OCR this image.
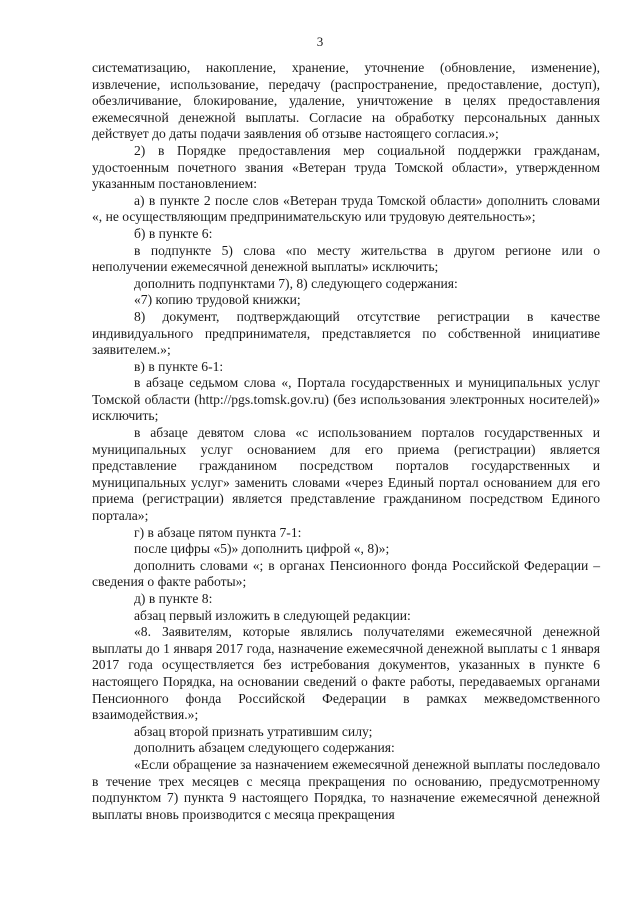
3

систематизацию, накопление, хранение, уточнение (обновление, изменение), извлечение, использование, передачу (распространение, предоставление, доступ), обезличивание, блокирование, удаление, уничтожение в целях предоставления ежемесячной денежной выплаты. Согласие на обработку персональных данных действует до даты подачи заявления об отзыве настоящего согласия.»;

2) в Порядке предоставления мер социальной поддержки гражданам, удостоенным почетного звания «Ветеран труда Томской области», утвержденном указанным постановлением:

а) в пункте 2 после слов «Ветеран труда Томской области» дополнить словами «, не осуществляющим предпринимательскую или трудовую деятельность»;

б) в пункте 6:

в подпункте 5) слова «по месту жительства в другом регионе или о неполучении ежемесячной денежной выплаты» исключить;

дополнить подпунктами 7), 8) следующего содержания:

«7) копию трудовой книжки;

8) документ, подтверждающий отсутствие регистрации в качестве индивидуального предпринимателя, представляется по собственной инициативе заявителем.»;

в) в пункте 6-1:

в абзаце седьмом слова «, Портала государственных и муниципальных услуг Томской области (http://pgs.tomsk.gov.ru) (без использования электронных носителей)» исключить;

в абзаце девятом слова «с использованием порталов государственных и муниципальных услуг основанием для его приема (регистрации) является представление гражданином посредством порталов государственных и муниципальных услуг» заменить словами «через Единый портал основанием для его приема (регистрации) является представление гражданином посредством Единого портала»;

г) в абзаце пятом пункта 7-1:

после цифры «5)» дополнить цифрой «, 8)»;

дополнить словами «; в органах Пенсионного фонда Российской Федерации – сведения о факте работы»;

д) в пункте 8:

абзац первый изложить в следующей редакции:

«8. Заявителям, которые являлись получателями ежемесячной денежной выплаты до 1 января 2017 года, назначение ежемесячной денежной выплаты с 1 января 2017 года осуществляется без истребования документов, указанных в пункте 6 настоящего Порядка, на основании сведений о факте работы, передаваемых органами Пенсионного фонда Российской Федерации в рамках межведомственного взаимодействия.»;

абзац второй признать утратившим силу;

дополнить абзацем следующего содержания:

«Если обращение за назначением ежемесячной денежной выплаты последовало в течение трех месяцев с месяца прекращения по основанию, предусмотренному подпунктом 7) пункта 9 настоящего Порядка, то назначение ежемесячной денежной выплаты вновь производится с месяца прекращения
